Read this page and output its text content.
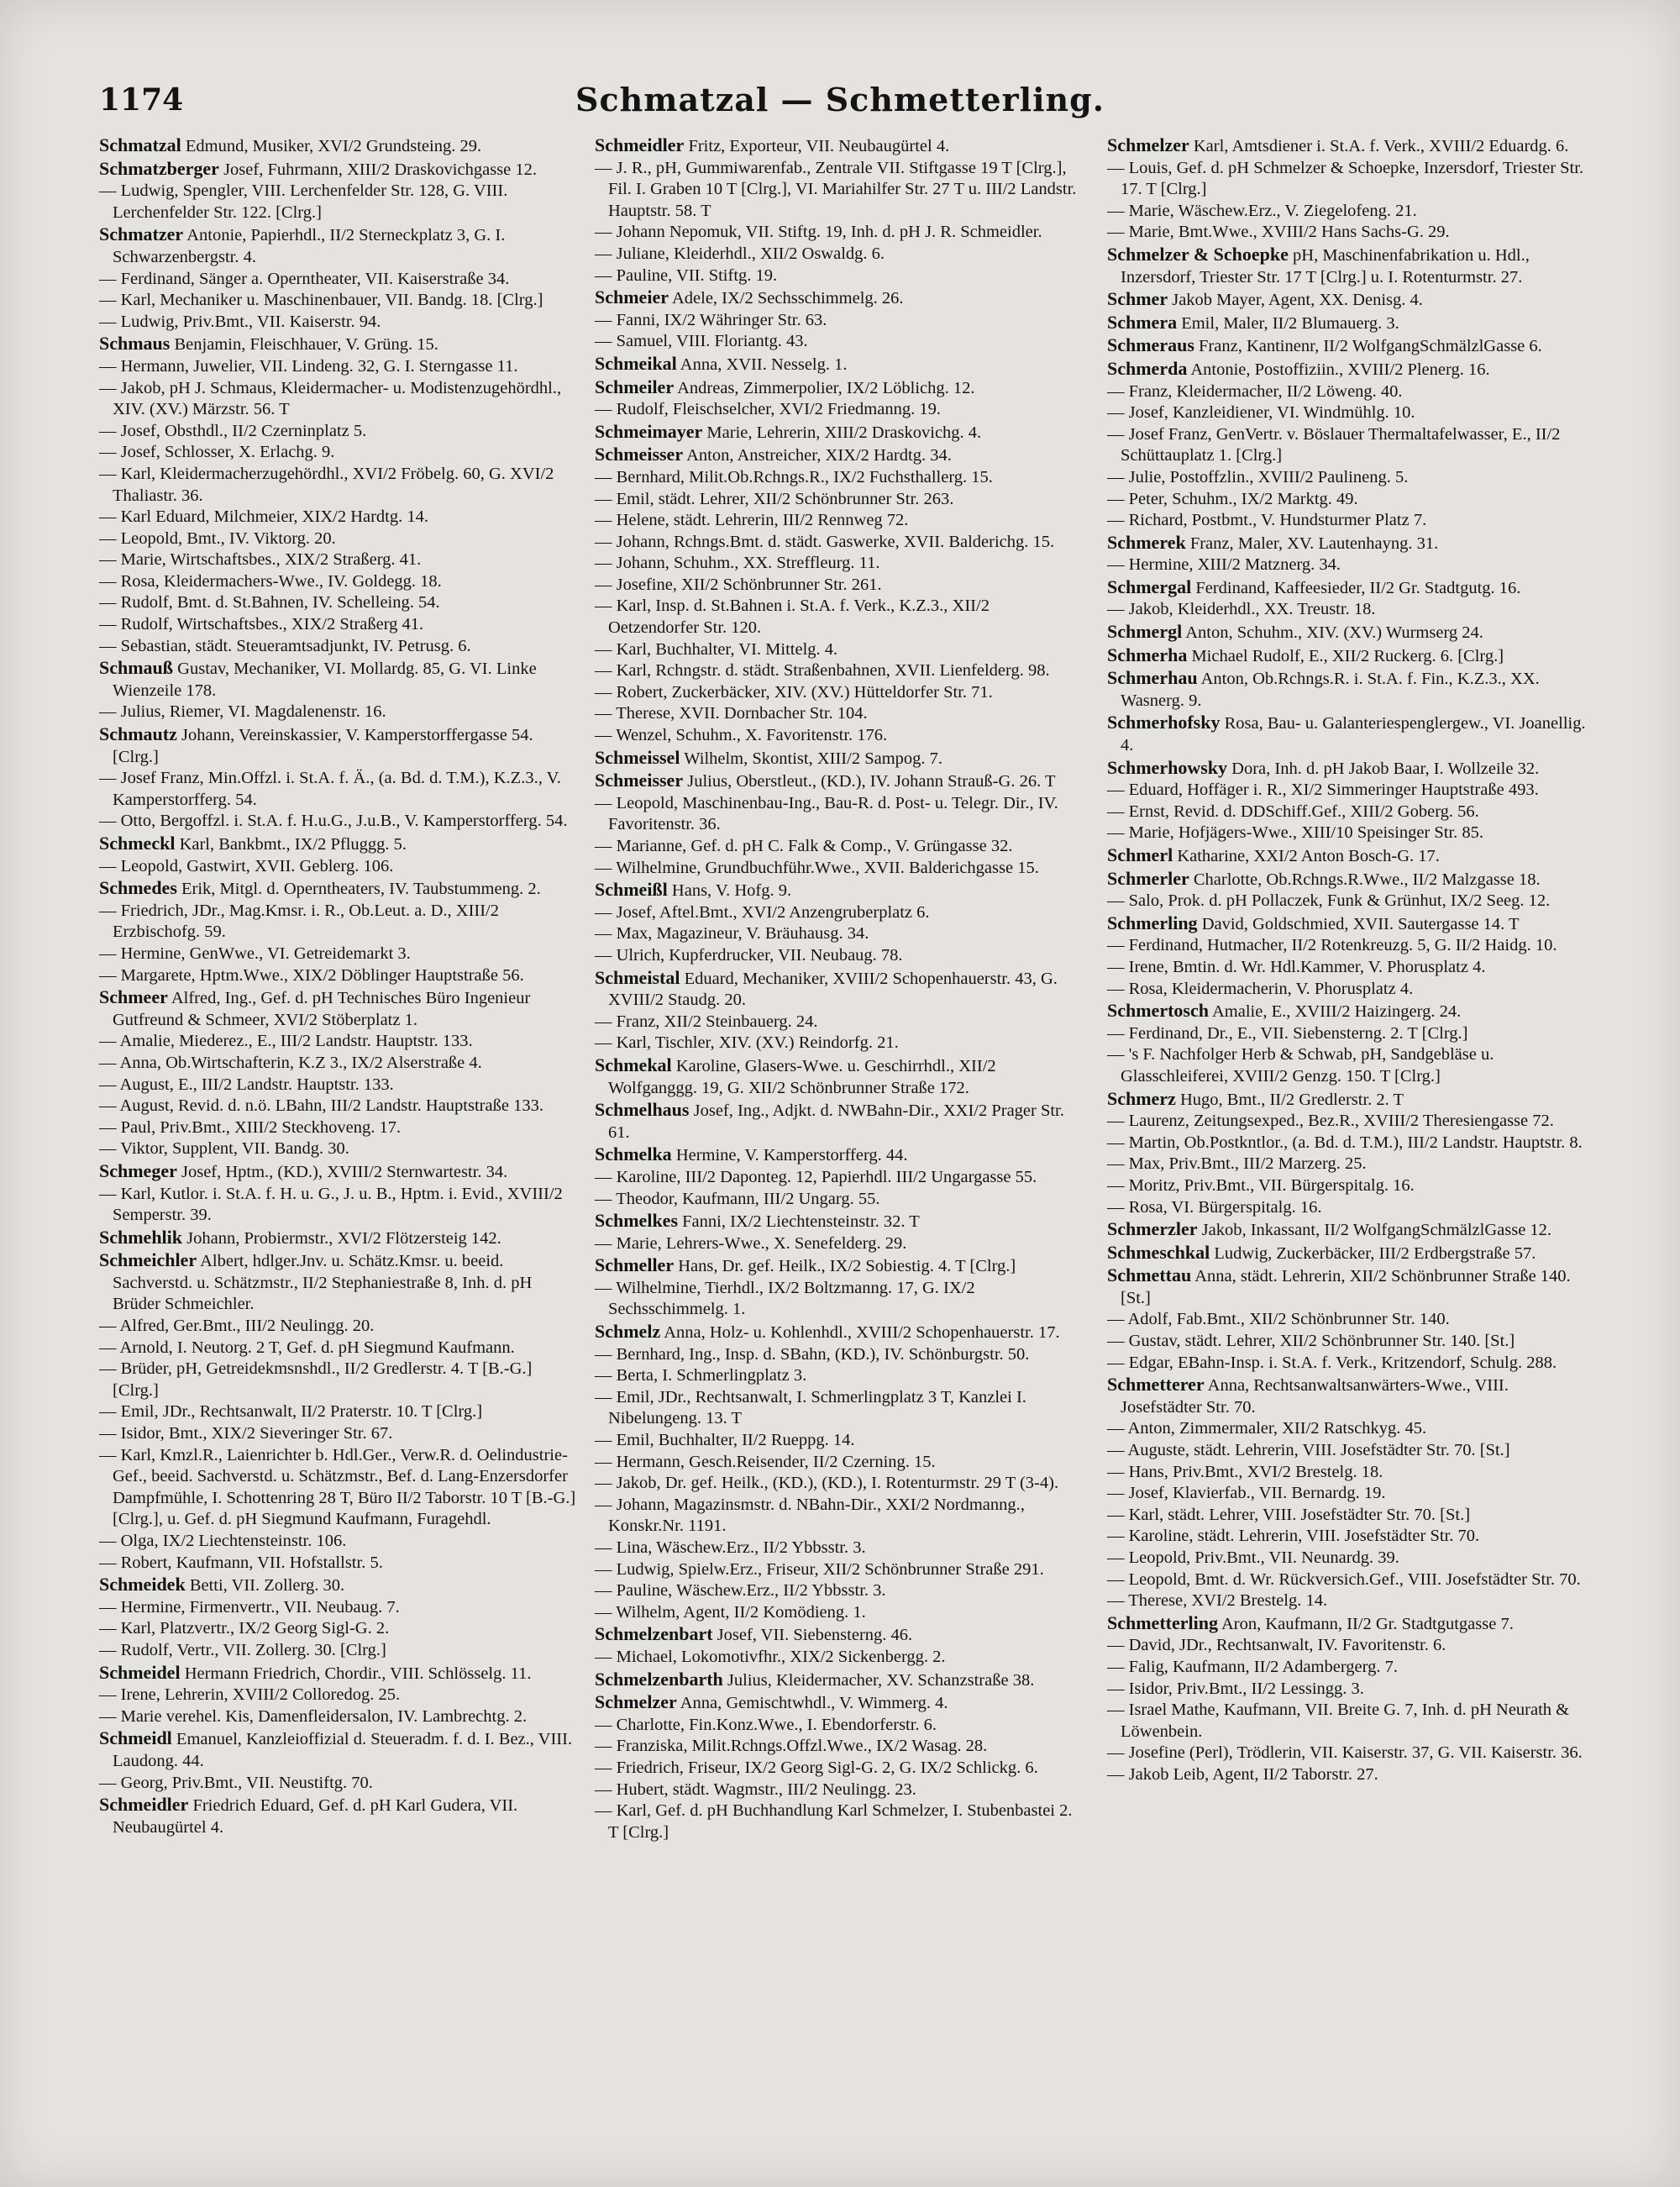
1174	Schmatzal — Schmetterling.

Schmatzal Edmund, Musiker, XVI/2 Grundsteing. 29.

Schmatzberger Josef, Fuhrmann, XIII/2 Draskovichgasse 12.

— Ludwig, Spengler, VIII. Lerchenfelder Str. 128, G. VIII. Lerchenfelder Str. 122. [Clrg.]

Schmatzer Antonie, Papierhdl., II/2 Sterneckplatz 3, G. I. Schwarzenbergstr. 4.

— Ferdinand, Sänger a. Operntheater, VII. Kaiserstraße 34.

— Karl, Mechaniker u. Maschinenbauer, VII. Bandg. 18. [Clrg.]

— Ludwig, Priv.Bmt., VII. Kaiserstr. 94.

Schmaus Benjamin, Fleischhauer, V. Grüng. 15.

— Hermann, Juwelier, VII. Lindeng. 32, G. I. Sterngasse 11.

— Jakob, pH J. Schmaus, Kleidermacher- u. Modistenzugehördhl., XIV. (XV.) Märzstr. 56. T

— Josef, Obsthdl., II/2 Czerninplatz 5.

— Josef, Schlosser, X. Erlachg. 9.

— Karl, Kleidermacherzugehördhl., XVI/2 Fröbelg. 60, G. XVI/2 Thaliastr. 36.

— Karl Eduard, Milchmeier, XIX/2 Hardtg. 14.

— Leopold, Bmt., IV. Viktorg. 20.

— Marie, Wirtschaftsbes., XIX/2 Straßerg. 41.

— Rosa, Kleidermachers-Wwe., IV. Goldegg. 18.

— Rudolf, Bmt. d. St.Bahnen, IV. Schelleing. 54.

— Rudolf, Wirtschaftsbes., XIX/2 Straßerg 41.

— Sebastian, städt. Steueramtsadjunkt, IV. Petrusg. 6.

Schmauß Gustav, Mechaniker, VI. Mollardg. 85, G. VI. Linke Wienzeile 178.

— Julius, Riemer, VI. Magdalenenstr. 16.

Schmautz Johann, Vereinskassier, V. Kamperstorffergasse 54. [Clrg.]

— Josef Franz, Min.Offzl. i. St.A. f. Ä., (a. Bd. d. T.M.), K.Z.3., V. Kamperstorfferg. 54.

— Otto, Bergoffzl. i. St.A. f. H.u.G., J.u.B., V. Kamperstorfferg. 54.

Schmeckl Karl, Bankbmt., IX/2 Pfluggg. 5.

— Leopold, Gastwirt, XVII. Geblerg. 106.

Schmedes Erik, Mitgl. d. Operntheaters, IV. Taubstummeng. 2.

— Friedrich, JDr., Mag.Kmsr. i. R., Ob.Leut. a. D., XIII/2 Erzbischofg. 59.

— Hermine, GenWwe., VI. Getreidemarkt 3.

— Margarete, Hptm.Wwe., XIX/2 Döblinger Hauptstraße 56.

Schmeer Alfred, Ing., Gef. d. pH Technisches Büro Ingenieur Gutfreund & Schmeer, XVI/2 Stöberplatz 1.

— Amalie, Miederez., E., III/2 Landstr. Hauptstr. 133.

— Anna, Ob.Wirtschafterin, K.Z 3., IX/2 Alserstraße 4.

— August, E., III/2 Landstr. Hauptstr. 133.

— August, Revid. d. n.ö. LBahn, III/2 Landstr. Hauptstraße 133.

— Paul, Priv.Bmt., XIII/2 Steckhoveng. 17.

— Viktor, Supplent, VII. Bandg. 30.

Schmeger Josef, Hptm., (KD.), XVIII/2 Sternwartestr. 34.

— Karl, Kutlor. i. St.A. f. H. u. G., J. u. B., Hptm. i. Evid., XVIII/2 Semperstr. 39.

Schmehlik Johann, Probiermstr., XVI/2 Flötzersteig 142.

Schmeichler Albert, hdlger.Jnv. u. Schätz.Kmsr. u. beeid. Sachverstd. u. Schätzmstr., II/2 Stephaniestraße 8, Inh. d. pH Brüder Schmeichler.

— Alfred, Ger.Bmt., III/2 Neulingg. 20.

— Arnold, I. Neutorg. 2 T, Gef. d. pH Siegmund Kaufmann.

— Brüder, pH, Getreidekmsnshdl., II/2 Gredlerstr. 4. T [B.-G.] [Clrg.]

— Emil, JDr., Rechtsanwalt, II/2 Praterstr. 10. T [Clrg.]

— Isidor, Bmt., XIX/2 Sieveringer Str. 67.

— Karl, Kmzl.R., Laienrichter b. Hdl.Ger., Verw.R. d. Oelindustrie-Gef., beeid. Sachverstd. u. Schätzmstr., Bef. d. Lang-Enzersdorfer Dampfmühle, I. Schottenring 28 T, Büro II/2 Taborstr. 10 T [B.-G.] [Clrg.], u. Gef. d. pH Siegmund Kaufmann, Furagehdl.

— Olga, IX/2 Liechtensteinstr. 106.

— Robert, Kaufmann, VII. Hofstallstr. 5.

Schmeidek Betti, VII. Zollerg. 30.

— Hermine, Firmenvertr., VII. Neubaug. 7.

— Karl, Platzvertr., IX/2 Georg Sigl-G. 2.

— Rudolf, Vertr., VII. Zollerg. 30. [Clrg.]

Schmeidel Hermann Friedrich, Chordir., VIII. Schlösselg. 11.

— Irene, Lehrerin, XVIII/2 Colloredog. 25.

— Marie verehel. Kis, Damenfleidersalon, IV. Lambrechtg. 2.

Schmeidl Emanuel, Kanzleioffizial d. Steueradm. f. d. I. Bez., VIII. Laudong. 44.

— Georg, Priv.Bmt., VII. Neustiftg. 70.

Schmeidler Friedrich Eduard, Gef. d. pH Karl Gudera, VII. Neubaugürtel 4.

Schmeidler Fritz, Exporteur, VII. Neubaugürtel 4.

— J. R., pH, Gummiwarenfab., Zentrale VII. Stiftgasse 19 T [Clrg.], Fil. I. Graben 10 T [Clrg.], VI. Mariahilfer Str. 27 T u. III/2 Landstr. Hauptstr. 58. T

— Johann Nepomuk, VII. Stiftg. 19, Inh. d. pH J. R. Schmeidler.

— Juliane, Kleiderhdl., XII/2 Oswaldg. 6.

— Pauline, VII. Stiftg. 19.

Schmeier Adele, IX/2 Sechsschimmelg. 26.

— Fanni, IX/2 Währinger Str. 63.

— Samuel, VIII. Floriantg. 43.

Schmeikal Anna, XVII. Nesselg. 1.

Schmeiler Andreas, Zimmerpolier, IX/2 Löblichg. 12.

— Rudolf, Fleischselcher, XVI/2 Friedmanng. 19.

Schmeimayer Marie, Lehrerin, XIII/2 Draskovichg. 4.

Schmeisser Anton, Anstreicher, XIX/2 Hardtg. 34.

— Bernhard, Milit.Ob.Rchngs.R., IX/2 Fuchsthallerg. 15.

— Emil, städt. Lehrer, XII/2 Schönbrunner Str. 263.

— Helene, städt. Lehrerin, III/2 Rennweg 72.

— Johann, Rchngs.Bmt. d. städt. Gaswerke, XVII. Balderichg. 15.

— Johann, Schuhm., XX. Streffleurg. 11.

— Josefine, XII/2 Schönbrunner Str. 261.

— Karl, Insp. d. St.Bahnen i. St.A. f. Verk., K.Z.3., XII/2 Oetzendorfer Str. 120.

— Karl, Buchhalter, VI. Mittelg. 4.

— Karl, Rchngstr. d. städt. Straßenbahnen, XVII. Lienfelderg. 98.

— Robert, Zuckerbäcker, XIV. (XV.) Hütteldorfer Str. 71.

— Therese, XVII. Dornbacher Str. 104.

— Wenzel, Schuhm., X. Favoritenstr. 176.

Schmeissel Wilhelm, Skontist, XIII/2 Sampog. 7.

Schmeisser Julius, Oberstleut., (KD.), IV. Johann Strauß-G. 26. T

— Leopold, Maschinenbau-Ing., Bau-R. d. Post- u. Telegr. Dir., IV. Favoritenstr. 36.

— Marianne, Gef. d. pH C. Falk & Comp., V. Grüngasse 32.

— Wilhelmine, Grundbuchführ.Wwe., XVII. Balderichgasse 15.

Schmeißl Hans, V. Hofg. 9.

— Josef, Aftel.Bmt., XVI/2 Anzengruberplatz 6.

— Max, Magazineur, V. Bräuhausg. 34.

— Ulrich, Kupferdrucker, VII. Neubaug. 78.

Schmeistal Eduard, Mechaniker, XVIII/2 Schopenhauerstr. 43, G. XVIII/2 Staudg. 20.

— Franz, XII/2 Steinbauerg. 24.

— Karl, Tischler, XIV. (XV.) Reindorfg. 21.

Schmekal Karoline, Glasers-Wwe. u. Geschirrhdl., XII/2 Wolfganggg. 19, G. XII/2 Schönbrunner Straße 172.

Schmelhaus Josef, Ing., Adjkt. d. NWBahn-Dir., XXI/2 Prager Str. 61.

Schmelka Hermine, V. Kamperstorfferg. 44.

— Karoline, III/2 Daponteg. 12, Papierhdl. III/2 Ungargasse 55.

— Theodor, Kaufmann, III/2 Ungarg. 55.

Schmelkes Fanni, IX/2 Liechtensteinstr. 32. T

— Marie, Lehrers-Wwe., X. Senefelderg. 29.

Schmeller Hans, Dr. gef. Heilk., IX/2 Sobiestig. 4. T [Clrg.]

— Wilhelmine, Tierhdl., IX/2 Boltzmanng. 17, G. IX/2 Sechsschimmelg. 1.

Schmelz Anna, Holz- u. Kohlenhdl., XVIII/2 Schopenhauerstr. 17.

— Bernhard, Ing., Insp. d. SBahn, (KD.), IV. Schönburgstr. 50.

— Berta, I. Schmerlingplatz 3.

— Emil, JDr., Rechtsanwalt, I. Schmerlingplatz 3 T, Kanzlei I. Nibelungeng. 13. T

— Emil, Buchhalter, II/2 Rueppg. 14.

— Hermann, Gesch.Reisender, II/2 Czerning. 15.

— Jakob, Dr. gef. Heilk., (KD.), (KD.), I. Rotenturmstr. 29 T (3-4).

— Johann, Magazinsmstr. d. NBahn-Dir., XXI/2 Nordmanng., Konskr.Nr. 1191.

— Lina, Wäschew.Erz., II/2 Ybbsstr. 3.

— Ludwig, Spielw.Erz., Friseur, XII/2 Schönbrunner Straße 291.

— Pauline, Wäschew.Erz., II/2 Ybbsstr. 3.

— Wilhelm, Agent, II/2 Komödieng. 1.

Schmelzenbart Josef, VII. Siebensterng. 46.

— Michael, Lokomotivfhr., XIX/2 Sickenbergg. 2.

Schmelzenbarth Julius, Kleidermacher, XV. Schanzstraße 38.

Schmelzer Anna, Gemischtwhdl., V. Wimmerg. 4.

— Charlotte, Fin.Konz.Wwe., I. Ebendorferstr. 6.

— Franziska, Milit.Rchngs.Offzl.Wwe., IX/2 Wasag. 28.

— Friedrich, Friseur, IX/2 Georg Sigl-G. 2, G. IX/2 Schlickg. 6.

— Hubert, städt. Wagmstr., III/2 Neulingg. 23.

— Karl, Gef. d. pH Buchhandlung Karl Schmelzer, I. Stubenbastei 2. T [Clrg.]

Schmelzer Karl, Amtsdiener i. St.A. f. Verk., XVIII/2 Eduardg. 6.

— Louis, Gef. d. pH Schmelzer & Schoepke, Inzersdorf, Triester Str. 17. T [Clrg.]

— Marie, Wäschew.Erz., V. Ziegelofeng. 21.

— Marie, Bmt.Wwe., XVIII/2 Hans Sachs-G. 29.

Schmelzer & Schoepke pH, Maschinenfabrikation u. Hdl., Inzersdorf, Triester Str. 17 T [Clrg.] u. I. Rotenturmstr. 27.

Schmer Jakob Mayer, Agent, XX. Denisg. 4.

Schmera Emil, Maler, II/2 Blumauerg. 3.

Schmeraus Franz, Kantinenr, II/2 WolfgangSchmälzlGasse 6.

Schmerda Antonie, Postoffiziin., XVIII/2 Plenerg. 16.

— Franz, Kleidermacher, II/2 Löweng. 40.

— Josef, Kanzleidiener, VI. Windmühlg. 10.

— Josef Franz, GenVertr. v. Böslauer Thermaltafelwasser, E., II/2 Schüttauplatz 1. [Clrg.]

— Julie, Postoffzlin., XVIII/2 Paulineng. 5.

— Peter, Schuhm., IX/2 Marktg. 49.

— Richard, Postbmt., V. Hundsturmer Platz 7.

Schmerek Franz, Maler, XV. Lautenhayng. 31.

— Hermine, XIII/2 Matznerg. 34.

Schmergal Ferdinand, Kaffeesieder, II/2 Gr. Stadtgutg. 16.

— Jakob, Kleiderhdl., XX. Treustr. 18.

Schmergl Anton, Schuhm., XIV. (XV.) Wurmserg 24.

Schmerha Michael Rudolf, E., XII/2 Ruckerg. 6. [Clrg.]

Schmerhau Anton, Ob.Rchngs.R. i. St.A. f. Fin., K.Z.3., XX. Wasnerg. 9.

Schmerhofsky Rosa, Bau- u. Galanteriespenglergew., VI. Joanellig. 4.

Schmerhowsky Dora, Inh. d. pH Jakob Baar, I. Wollzeile 32.

— Eduard, Hoffäger i. R., XI/2 Simmeringer Hauptstraße 493.

— Ernst, Revid. d. DDSchiff.Gef., XIII/2 Goberg. 56.

— Marie, Hofjägers-Wwe., XIII/10 Speisinger Str. 85.

Schmerl Katharine, XXI/2 Anton Bosch-G. 17.

Schmerler Charlotte, Ob.Rchngs.R.Wwe., II/2 Malzgasse 18.

— Salo, Prok. d. pH Pollaczek, Funk & Grünhut, IX/2 Seeg. 12.

Schmerling David, Goldschmied, XVII. Sautergasse 14. T

— Ferdinand, Hutmacher, II/2 Rotenkreuzg. 5, G. II/2 Haidg. 10.

— Irene, Bmtin. d. Wr. Hdl.Kammer, V. Phorusplatz 4.

— Rosa, Kleidermacherin, V. Phorusplatz 4.

Schmertosch Amalie, E., XVIII/2 Haizingerg. 24.

— Ferdinand, Dr., E., VII. Siebensterng. 2. T [Clrg.]

— 's F. Nachfolger Herb & Schwab, pH, Sandgebläse u. Glasschleiferei, XVIII/2 Genzg. 150. T [Clrg.]

Schmerz Hugo, Bmt., II/2 Gredlerstr. 2. T

— Laurenz, Zeitungsexped., Bez.R., XVIII/2 Theresiengasse 72.

— Martin, Ob.Postkntlor., (a. Bd. d. T.M.), III/2 Landstr. Hauptstr. 8.

— Max, Priv.Bmt., III/2 Marzerg. 25.

— Moritz, Priv.Bmt., VII. Bürgerspitalg. 16.

— Rosa, VI. Bürgerspitalg. 16.

Schmerzler Jakob, Inkassant, II/2 WolfgangSchmälzlGasse 12.

Schmeschkal Ludwig, Zuckerbäcker, III/2 Erdbergstraße 57.

Schmettau Anna, städt. Lehrerin, XII/2 Schönbrunner Straße 140. [St.]

— Adolf, Fab.Bmt., XII/2 Schönbrunner Str. 140.

— Gustav, städt. Lehrer, XII/2 Schönbrunner Str. 140. [St.]

— Edgar, EBahn-Insp. i. St.A. f. Verk., Kritzendorf, Schulg. 288.

Schmetterer Anna, Rechtsanwaltsanwärters-Wwe., VIII. Josefstädter Str. 70.

— Anton, Zimmermaler, XII/2 Ratschkyg. 45.

— Auguste, städt. Lehrerin, VIII. Josefstädter Str. 70. [St.]

— Hans, Priv.Bmt., XVI/2 Brestelg. 18.

— Josef, Klavierfab., VII. Bernardg. 19.

— Karl, städt. Lehrer, VIII. Josefstädter Str. 70. [St.]

— Karoline, städt. Lehrerin, VIII. Josefstädter Str. 70.

— Leopold, Priv.Bmt., VII. Neunardg. 39.

— Leopold, Bmt. d. Wr. Rückversich.Gef., VIII. Josefstädter Str. 70.

— Therese, XVI/2 Brestelg. 14.

Schmetterling Aron, Kaufmann, II/2 Gr. Stadtgutgasse 7.

— David, JDr., Rechtsanwalt, IV. Favoritenstr. 6.

— Falig, Kaufmann, II/2 Adambergerg. 7.

— Isidor, Priv.Bmt., II/2 Lessingg. 3.

— Israel Mathe, Kaufmann, VII. Breite G. 7, Inh. d. pH Neurath & Löwenbein.

— Josefine (Perl), Trödlerin, VII. Kaiserstr. 37, G. VII. Kaiserstr. 36.

— Jakob Leib, Agent, II/2 Taborstr. 27.
